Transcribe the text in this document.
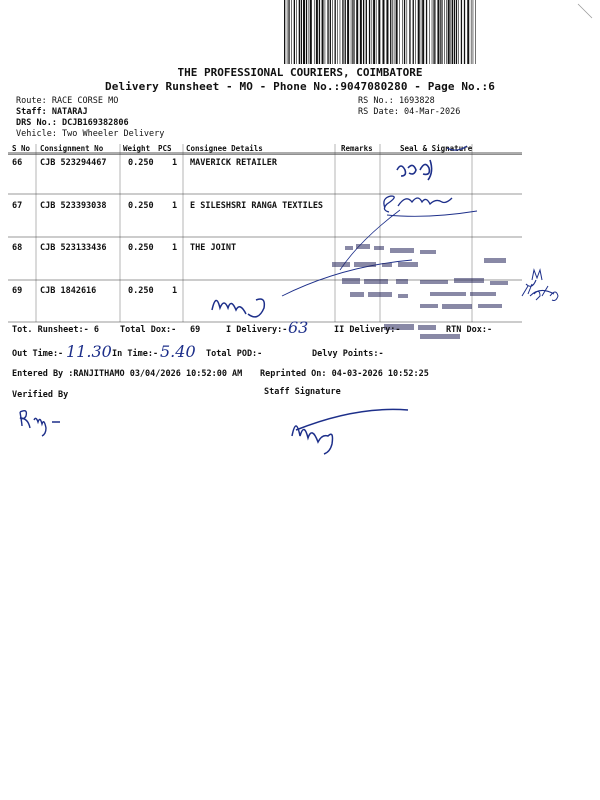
THE PROFESSIONAL COURIERS, COIMBATORE
Delivery Runsheet - MO - Phone No.:9047080280 - Page No.:6
Route: RACE CORSE MO
Staff: NATARAJ
DRS No.: DCJB169382806
Vehicle: Two Wheeler Delivery
RS No.: 1693828
RS Date: 04-Mar-2026
S No Consignment No	Weight PCS Consignee Details	Remarks	Seal & Signature
66 CJB 523294467	0.250 1 MAVERICK RETAILER
67 CJB 523393038	0.250 1 E SILESHSRI RANGA TEXTILES
68 CJB 523133436	0.250 1 THE JOINT
69 CJB 1842616	0.250 1
Tot. Runsheet:- 6 Total Dox:- 69	I Delivery:- 63	II Delivery:-	RTN Dox:-
Out Time:- 11.30 In Time:- 5.40 Total POD:-	Delvy Points:-
Entered By :RANJITHAMO 03/04/2026 10:52:00 AM Reprinted On: 04-03-2026 10:52:25
Verified By	Staff Signature
